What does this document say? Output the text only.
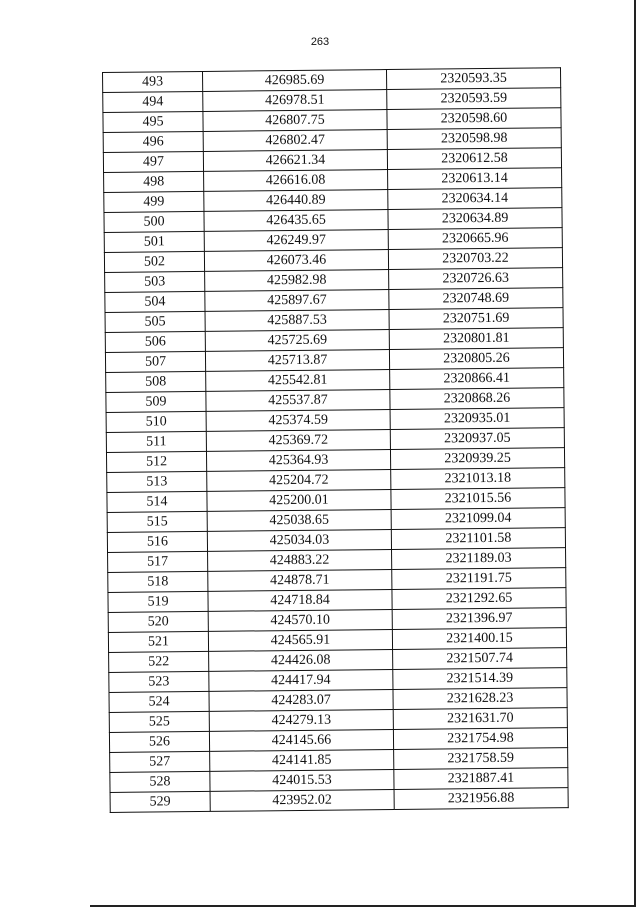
263
493	426985.69	2320593.35
494	426978.51	2320593.59
495	426807.75	2320598.60
496	426802.47	2320598.98
497	426621.34	2320612.58
498	426616.08	2320613.14
499	426440.89	2320634.14
500	426435.65	2320634.89
501	426249.97	2320665.96
502	426073.46	2320703.22
503	425982.98	2320726.63
504	425897.67	2320748.69
505	425887.53	2320751.69
506	425725.69	2320801.81
507	425713.87	2320805.26
508	425542.81	2320866.41
509	425537.87	2320868.26
510	425374.59	2320935.01
511	425369.72	2320937.05
512	425364.93	2320939.25
513	425204.72	2321013.18
514	425200.01	2321015.56
515	425038.65	2321099.04
516	425034.03	2321101.58
517	424883.22	2321189.03
518	424878.71	2321191.75
519	424718.84	2321292.65
520	424570.10	2321396.97
521	424565.91	2321400.15
522	424426.08	2321507.74
523	424417.94	2321514.39
524	424283.07	2321628.23
525	424279.13	2321631.70
526	424145.66	2321754.98
527	424141.85	2321758.59
528	424015.53	2321887.41
529	423952.02	2321956.88
